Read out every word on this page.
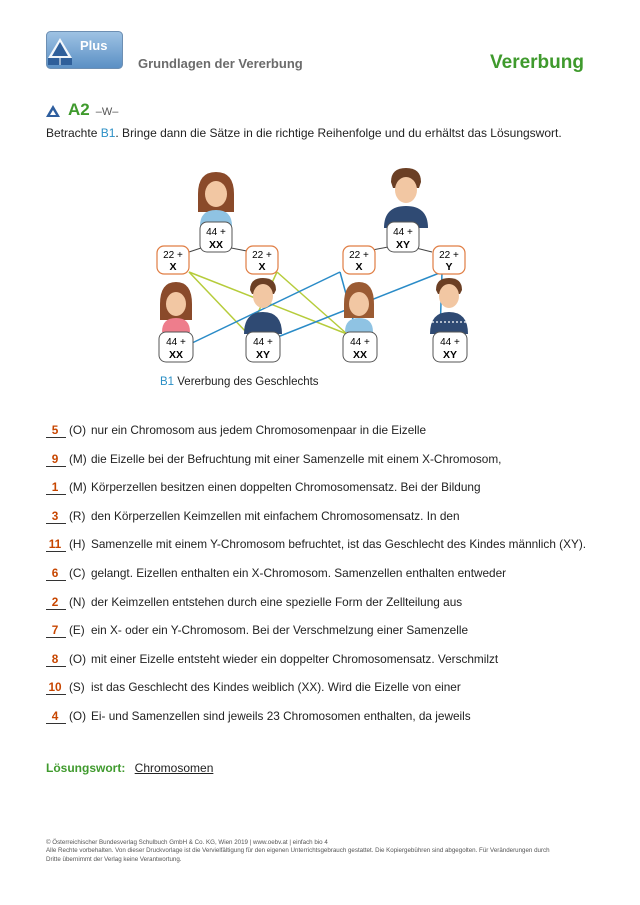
Plus
Grundlagen der Vererbung	Vererbung
A2 –W–
Betrachte B1. Bringe dann die Sätze in die richtige Reihenfolge und du erhältst das Lösungswort.
44 +
XX
44 +
XY
22 +
X
22 +
X
22 +
X
22 +
Y
44 +
XX
44 +
XY
44 +
XX
44 +
XY
B1 Vererbung des Geschlechts
5 (O) nur ein Chromosom aus jedem Chromosomenpaar in die Eizelle
9 (M) die Eizelle bei der Befruchtung mit einer Samenzelle mit einem X-Chromosom,
1 (M) Körperzellen besitzen einen doppelten Chromosomensatz. Bei der Bildung
3 (R) den Körperzellen Keimzellen mit einfachem Chromosomensatz. In den
11 (H) Samenzelle mit einem Y-Chromosom befruchtet, ist das Geschlecht des Kindes männlich (XY).
6 (C) gelangt. Eizellen enthalten ein X-Chromosom. Samenzellen enthalten entweder
2 (N) der Keimzellen entstehen durch eine spezielle Form der Zellteilung aus
7 (E) ein X- oder ein Y-Chromosom. Bei der Verschmelzung einer Samenzelle
8 (O) mit einer Eizelle entsteht wieder ein doppelter Chromosomensatz. Verschmilzt
10 (S) ist das Geschlecht des Kindes weiblich (XX). Wird die Eizelle von einer
4 (O) Ei- und Samenzellen sind jeweils 23 Chromosomen enthalten, da jeweils
Lösungswort: Chromosomen
© Österreichischer Bundesverlag Schulbuch GmbH & Co. KG, Wien 2019 | www.oebv.at | einfach bio 4
Alle Rechte vorbehalten. Von dieser Druckvorlage ist die Vervielfältigung für den eigenen Unterrichtsgebrauch gestattet. Die Kopiergebühren sind abgegolten. Für Veränderungen durch
Dritte übernimmt der Verlag keine Verantwortung.
